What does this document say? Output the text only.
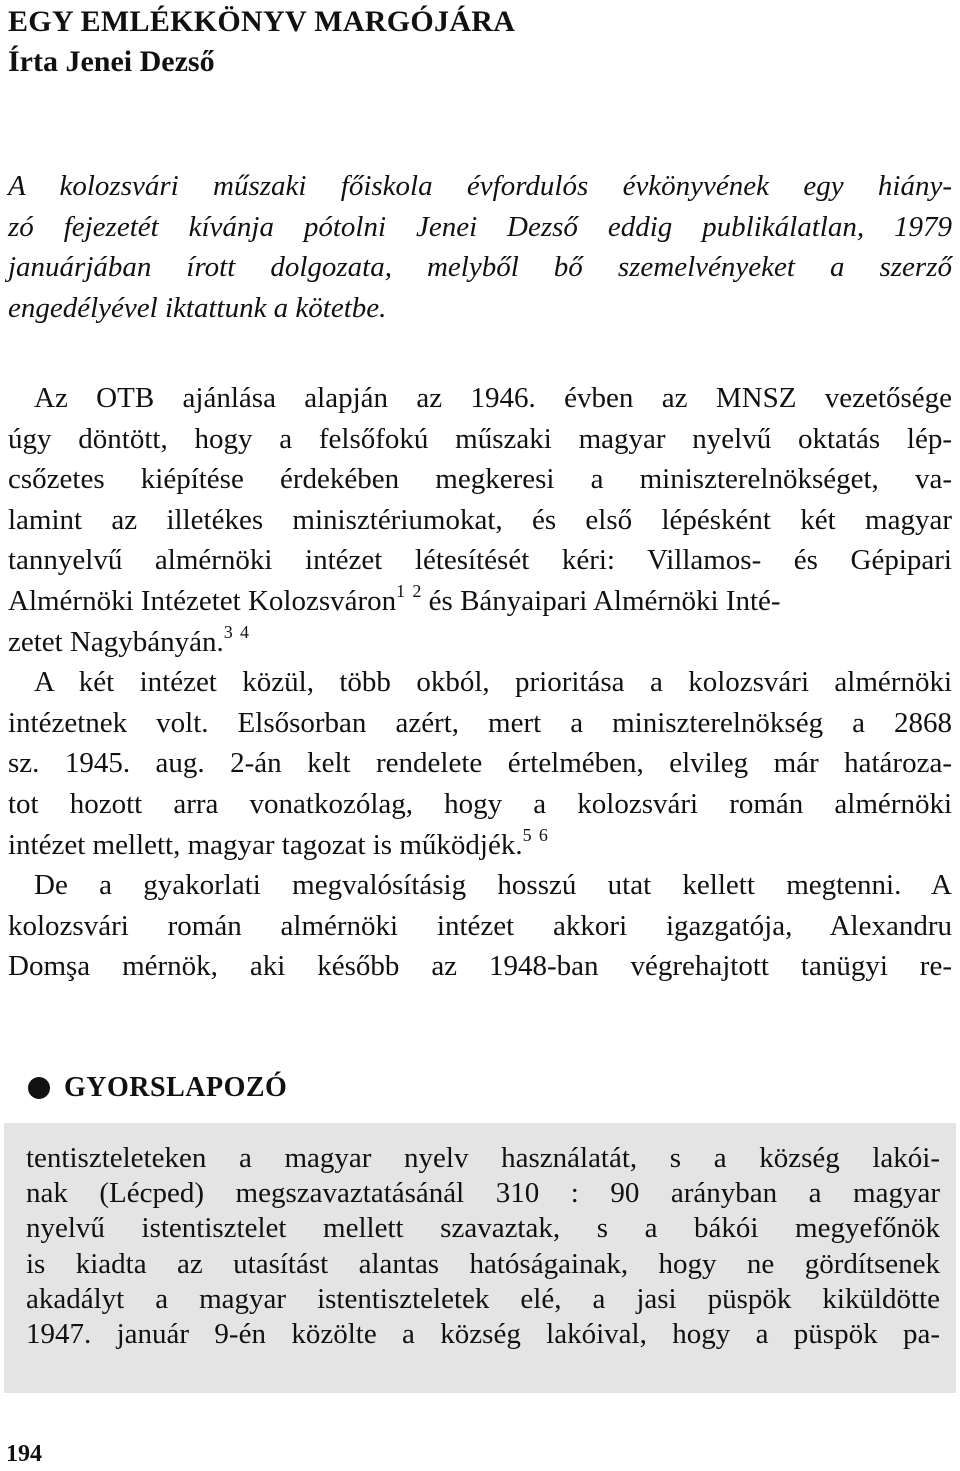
EGY EMLÉKKÖNYV MARGÓJÁRA
Írta Jenei Dezső
A kolozsvári műszaki főiskola évfordulós évkönyvének egy hiány-
zó fejezetét kívánja pótolni Jenei Dezső eddig publikálatlan, 1979
januárjában írott dolgozata, melyből bő szemelvényeket a szerző
engedélyével iktattunk a kötetbe.
Az OTB ajánlása alapján az 1946. évben az MNSZ vezetősége
úgy döntött, hogy a felsőfokú műszaki magyar nyelvű oktatás lép-
csőzetes kiépítése érdekében megkeresi a miniszterelnökséget, va-
lamint az illetékes minisztériumokat, és első lépésként két magyar
tannyelvű almérnöki intézet létesítését kéri: Villamos- és Gépipari
Almérnöki Intézetet Kolozsváron$^1$ $^2$ és Bányaipari Almérnöki Inté-
zetet Nagybányán.$^3$ $^4$
A két intézet közül, több okból, prioritása a kolozsvári almérnöki
intézetnek volt. Elsősorban azért, mert a miniszterelnökség a 2868
sz. 1945. aug. 2-án kelt rendelete értelmében, elvileg már határoza-
tot hozott arra vonatkozólag, hogy a kolozsvári román almérnöki
intézet mellett, magyar tagozat is működjék.$^5$ $^6$
De a gyakorlati megvalósításig hosszú utat kellett megtenni. A
kolozsvári román almérnöki intézet akkori igazgatója, Alexandru
Domşa mérnök, aki később az 1948-ban végrehajtott tanügyi re-
GYORSLAPOZÓ
tentiszteleteken a magyar nyelv használatát, s a község lakói-
nak (Lécped) megszavaztatásánál 310 : 90 arányban a magyar
nyelvű istentisztelet mellett szavaztak, s a bákói megyefőnök
is kiadta az utasítást alantas hatóságainak, hogy ne gördítsenek
akadályt a magyar istentiszteletek elé, a jasi püspök kiküldötte
1947. január 9-én közölte a község lakóival, hogy a püspök pa-
194
